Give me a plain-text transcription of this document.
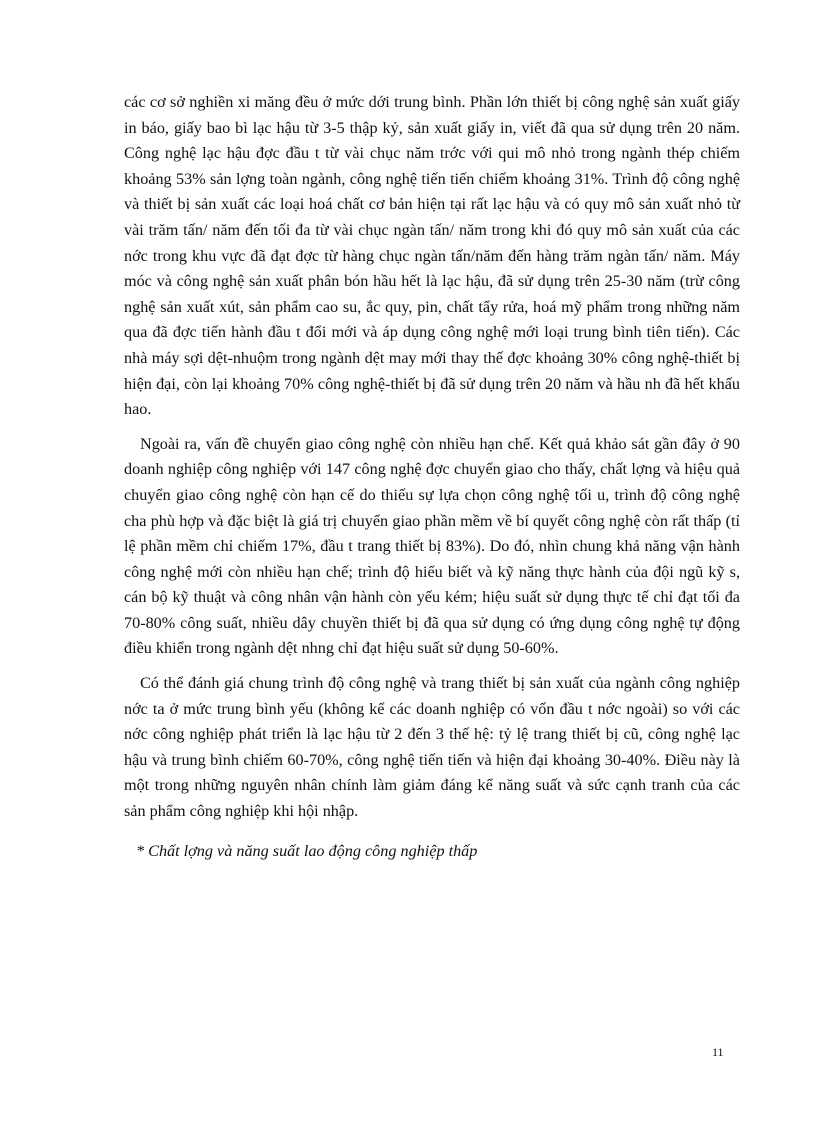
các cơ sở nghiền xi măng đều ở mức dới trung bình. Phần lớn thiết bị công nghệ sản xuất giấy in báo, giấy bao bì lạc hậu từ 3-5 thập kỷ, sản xuất giấy in, viết đã qua sử dụng trên 20 năm. Công nghệ lạc hậu đợc đầu t từ vài chục năm trớc với qui mô nhỏ trong ngành thép chiếm khoảng 53% sản lợng toàn ngành, công nghệ tiến tiến chiếm khoảng 31%. Trình độ công nghệ và thiết bị sản xuất các loại hoá chất cơ bản hiện tại rất lạc hậu và có quy mô sản xuất nhỏ từ vài trăm tấn/ năm đến tối đa từ vài chục ngàn tấn/ năm trong khi đó quy mô sản xuất của các nớc trong khu vực đã đạt đợc từ hàng chục ngàn tấn/năm đến hàng trăm ngàn tấn/ năm. Máy móc và công nghệ sản xuất phân bón hầu hết là lạc hậu, đã sử dụng trên 25-30 năm (trừ công nghệ sản xuất xút, sản phẩm cao su, ắc quy, pin, chất tẩy rửa, hoá mỹ phẩm trong những năm qua đã đợc tiến hành đầu t đổi mới và áp dụng công nghệ mới loại trung bình tiên tiến). Các nhà máy sợi dệt-nhuộm trong ngành dệt may mới thay thế đợc khoảng 30% công nghệ-thiết bị hiện đại, còn lại khoảng 70% công nghệ-thiết bị đã sử dụng trên 20 năm và hầu nh đã hết khấu hao.

Ngoài ra, vấn đề chuyển giao công nghệ còn nhiều hạn chế. Kết quả khảo sát gần đây ở 90 doanh nghiệp công nghiệp với 147 công nghệ đợc chuyển giao cho thấy, chất lợng và hiệu quả chuyển giao công nghệ còn hạn cế do thiếu sự lựa chọn công nghệ tối u, trình độ công nghệ cha phù hợp và đặc biệt là giá trị chuyển giao phần mềm về bí quyết công nghệ còn rất thấp (tỉ lệ phần mềm chỉ chiếm 17%, đầu t trang thiết bị 83%). Do đó, nhìn chung khả năng vận hành công nghệ mới còn nhiều hạn chế; trình độ hiểu biết và kỹ năng thực hành của đội ngũ kỹ s, cán bộ kỹ thuật và công nhân vận hành còn yếu kém; hiệu suất sử dụng thực tế chỉ đạt tối đa 70-80% công suất, nhiều dây chuyền thiết bị đã qua sử dụng có ứng dụng công nghệ tự động điều khiển trong ngành dệt nhng chỉ đạt hiệu suất sử dụng 50-60%.

Có thể đánh giá chung trình độ công nghệ và trang thiết bị sản xuất của ngành công nghiệp nớc ta ở mức trung bình yếu (không kể các doanh nghiệp có vốn đầu t nớc ngoài) so với các nớc công nghiệp phát triển là lạc hậu từ 2 đến 3 thế hệ: tỷ lệ trang thiết bị cũ, công nghệ lạc hậu và trung bình chiếm 60-70%, công nghệ tiến tiến và hiện đại khoảng 30-40%. Điều này là một trong những nguyên nhân chính làm giảm đáng kể năng suất và sức cạnh tranh của các sản phẩm công nghiệp khi hội nhập.

* Chất lợng và năng suất lao động công nghiệp thấp

11
